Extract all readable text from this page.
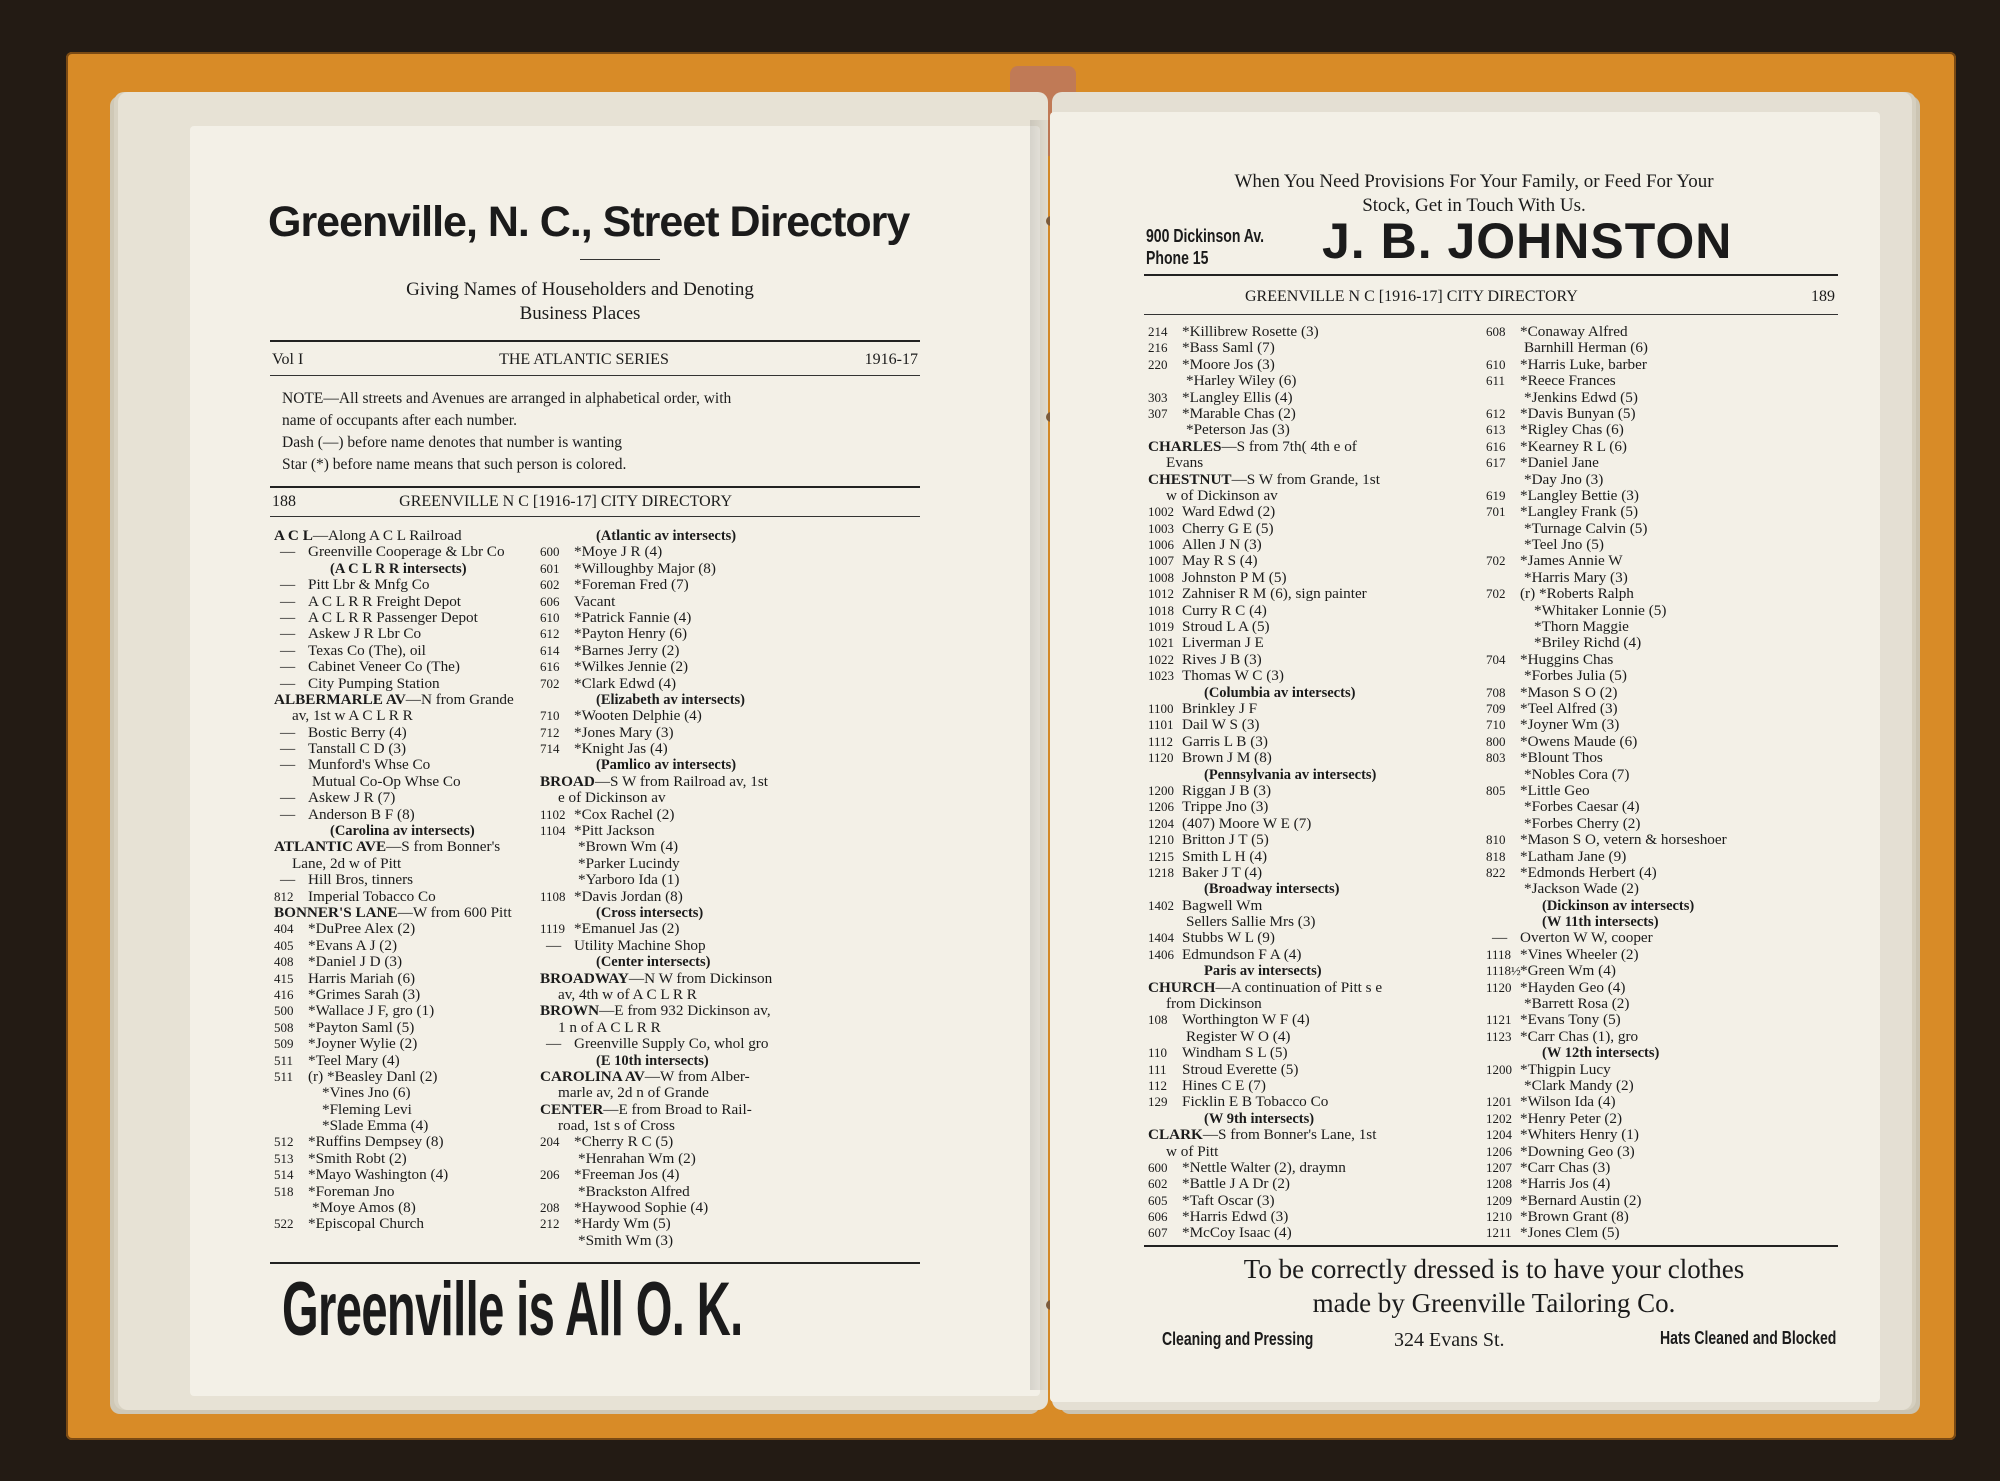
Greenville, N. C., Street Directory
Giving Names of Householders and Denoting
Business Places
Vol I	THE ATLANTIC SERIES	1916-17
NOTE—All streets and Avenues are arranged in alphabetical order, with
name of occupants after each number.
Dash (—) before name denotes that number is wanting
Star (*) before name means that such person is colored.
188	GREENVILLE N C [1916-17] CITY DIRECTORY
A C L—Along A C L Railroad
— Greenville Cooperage & Lbr Co
(A C L R R intersects)
— Pitt Lbr & Mnfg Co
— A C L R R Freight Depot
— A C L R R Passenger Depot
— Askew J R Lbr Co
— Texas Co (The), oil
— Cabinet Veneer Co (The)
— City Pumping Station
ALBERMARLE AV—N from Grande
av, 1st w A C L R R
— Bostic Berry (4)
— Tanstall C D (3)
— Munford's Whse Co
Mutual Co-Op Whse Co
— Askew J R (7)
— Anderson B F (8)
(Carolina av intersects)
ATLANTIC AVE—S from Bonner's
Lane, 2d w of Pitt
— Hill Bros, tinners
812 Imperial Tobacco Co
BONNER'S LANE—W from 600 Pitt
404 *DuPree Alex (2)
405 *Evans A J (2)
408 *Daniel J D (3)
415 Harris Mariah (6)
416 *Grimes Sarah (3)
500 *Wallace J F, gro (1)
508 *Payton Saml (5)
509 *Joyner Wylie (2)
511 *Teel Mary (4)
511 (r) *Beasley Danl (2)
*Vines Jno (6)
*Fleming Levi
*Slade Emma (4)
512 *Ruffins Dempsey (8)
513 *Smith Robt (2)
514 *Mayo Washington (4)
518 *Foreman Jno
*Moye Amos (8)
522 *Episcopal Church
(Atlantic av intersects)
600 *Moye J R (4)
601 *Willoughby Major (8)
602 *Foreman Fred (7)
606 Vacant
610 *Patrick Fannie (4)
612 *Payton Henry (6)
614 *Barnes Jerry (2)
616 *Wilkes Jennie (2)
702 *Clark Edwd (4)
(Elizabeth av intersects)
710 *Wooten Delphie (4)
712 *Jones Mary (3)
714 *Knight Jas (4)
(Pamlico av intersects)
BROAD—S W from Railroad av, 1st
e of Dickinson av
1102 *Cox Rachel (2)
1104 *Pitt Jackson
*Brown Wm (4)
*Parker Lucindy
*Yarboro Ida (1)
1108 *Davis Jordan (8)
(Cross intersects)
1119 *Emanuel Jas (2)
— Utility Machine Shop
(Center intersects)
BROADWAY—N W from Dickinson
av, 4th w of A C L R R
BROWN—E from 932 Dickinson av,
1 n of A C L R R
— Greenville Supply Co, whol gro
(E 10th intersects)
CAROLINA AV—W from Alber-
marle av, 2d n of Grande
CENTER—E from Broad to Rail-
road, 1st s of Cross
204 *Cherry R C (5)
*Henrahan Wm (2)
206 *Freeman Jos (4)
*Brackston Alfred
208 *Haywood Sophie (4)
212 *Hardy Wm (5)
*Smith Wm (3)
Greenville is All O. K.
When You Need Provisions For Your Family, or Feed For Your
Stock, Get in Touch With Us.
900 Dickinson Av.
Phone 15 J. B. JOHNSTON
GREENVILLE N C [1916-17] CITY DIRECTORY	189
214 *Killibrew Rosette (3)
216 *Bass Saml (7)
220 *Moore Jos (3)
*Harley Wiley (6)
303 *Langley Ellis (4)
307 *Marable Chas (2)
*Peterson Jas (3)
CHARLES—S from 7th( 4th e of
Evans
CHESTNUT—S W from Grande, 1st
w of Dickinson av
1002 Ward Edwd (2)
1003 Cherry G E (5)
1006 Allen J N (3)
1007 May R S (4)
1008 Johnston P M (5)
1012 Zahniser R M (6), sign painter
1018 Curry R C (4)
1019 Stroud L A (5)
1021 Liverman J E
1022 Rives J B (3)
1023 Thomas W C (3)
(Columbia av intersects)
1100 Brinkley J F
1101 Dail W S (3)
1112 Garris L B (3)
1120 Brown J M (8)
(Pennsylvania av intersects)
1200 Riggan J B (3)
1206 Trippe Jno (3)
1204 (407) Moore W E (7)
1210 Britton J T (5)
1215 Smith L H (4)
1218 Baker J T (4)
(Broadway intersects)
1402 Bagwell Wm
Sellers Sallie Mrs (3)
1404 Stubbs W L (9)
1406 Edmundson F A (4)
Paris av intersects)
CHURCH—A continuation of Pitt s e
from Dickinson
108 Worthington W F (4)
Register W O (4)
110 Windham S L (5)
111 Stroud Everette (5)
112 Hines C E (7)
129 Ficklin E B Tobacco Co
(W 9th intersects)
CLARK—S from Bonner's Lane, 1st
w of Pitt
600 *Nettle Walter (2), draymn
602 *Battle J A Dr (2)
605 *Taft Oscar (3)
606 *Harris Edwd (3)
607 *McCoy Isaac (4)
608 *Conaway Alfred
Barnhill Herman (6)
610 *Harris Luke, barber
611 *Reece Frances
*Jenkins Edwd (5)
612 *Davis Bunyan (5)
613 *Rigley Chas (6)
616 *Kearney R L (6)
617 *Daniel Jane
*Day Jno (3)
619 *Langley Bettie (3)
701 *Langley Frank (5)
*Turnage Calvin (5)
*Teel Jno (5)
702 *James Annie W
*Harris Mary (3)
702 (r) *Roberts Ralph
*Whitaker Lonnie (5)
*Thorn Maggie
*Briley Richd (4)
704 *Huggins Chas
*Forbes Julia (5)
708 *Mason S O (2)
709 *Teel Alfred (3)
710 *Joyner Wm (3)
800 *Owens Maude (6)
803 *Blount Thos
*Nobles Cora (7)
805 *Little Geo
*Forbes Caesar (4)
*Forbes Cherry (2)
810 *Mason S O, vetern & horseshoer
818 *Latham Jane (9)
822 *Edmonds Herbert (4)
*Jackson Wade (2)
(Dickinson av intersects)
(W 11th intersects)
— Overton W W, cooper
1118 *Vines Wheeler (2)
1118½*Green Wm (4)
1120 *Hayden Geo (4)
*Barrett Rosa (2)
1121 *Evans Tony (5)
1123 *Carr Chas (1), gro
(W 12th intersects)
1200 *Thigpin Lucy
*Clark Mandy (2)
1201 *Wilson Ida (4)
1202 *Henry Peter (2)
1204 *Whiters Henry (1)
1206 *Downing Geo (3)
1207 *Carr Chas (3)
1208 *Harris Jos (4)
1209 *Bernard Austin (2)
1210 *Brown Grant (8)
1211 *Jones Clem (5)
To be correctly dressed is to have your clothes
made by Greenville Tailoring Co.
Cleaning and Pressing	324 Evans St.	Hats Cleaned and Blocked
